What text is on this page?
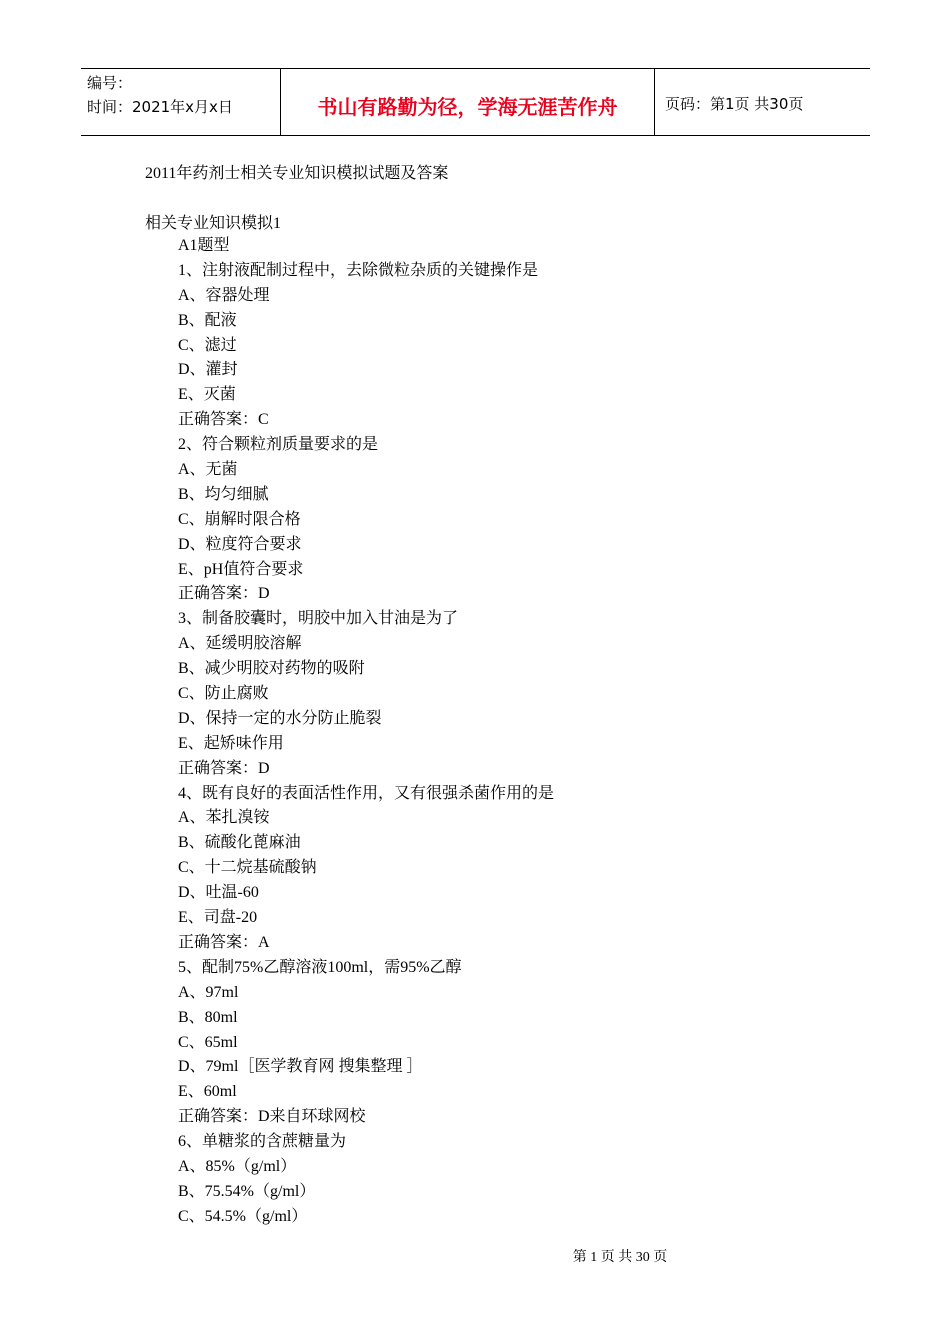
编号：
时间：2021年x月x日	书山有路勤为径，学海无涯苦作舟	页码：第1页 共30页
2011年药剂士相关专业知识模拟试题及答案
相关专业知识模拟1
A1题型
1、注射液配制过程中，去除微粒杂质的关键操作是
A、容器处理
B、配液
C、滤过
D、灌封
E、灭菌
正确答案：C
2、符合颗粒剂质量要求的是
A、无菌
B、均匀细腻
C、崩解时限合格
D、粒度符合要求
E、pH值符合要求
正确答案：D
3、制备胶囊时，明胶中加入甘油是为了
A、延缓明胶溶解
B、减少明胶对药物的吸附
C、防止腐败
D、保持一定的水分防止脆裂
E、起矫味作用
正确答案：D
4、既有良好的表面活性作用，又有很强杀菌作用的是
A、苯扎溴铵
B、硫酸化蓖麻油
C、十二烷基硫酸钠
D、吐温-60
E、司盘-20
正确答案：A
5、配制75%乙醇溶液100ml，需95%乙醇
A、97ml
B、80ml
C、65ml
D、79ml［医学教育网 搜集整理 ］
E、60ml
正确答案：D来自环球网校
6、单糖浆的含蔗糖量为
A、85%（g/ml）
B、75.54%（g/ml）
C、54.5%（g/ml）
第 1 页 共 30 页
